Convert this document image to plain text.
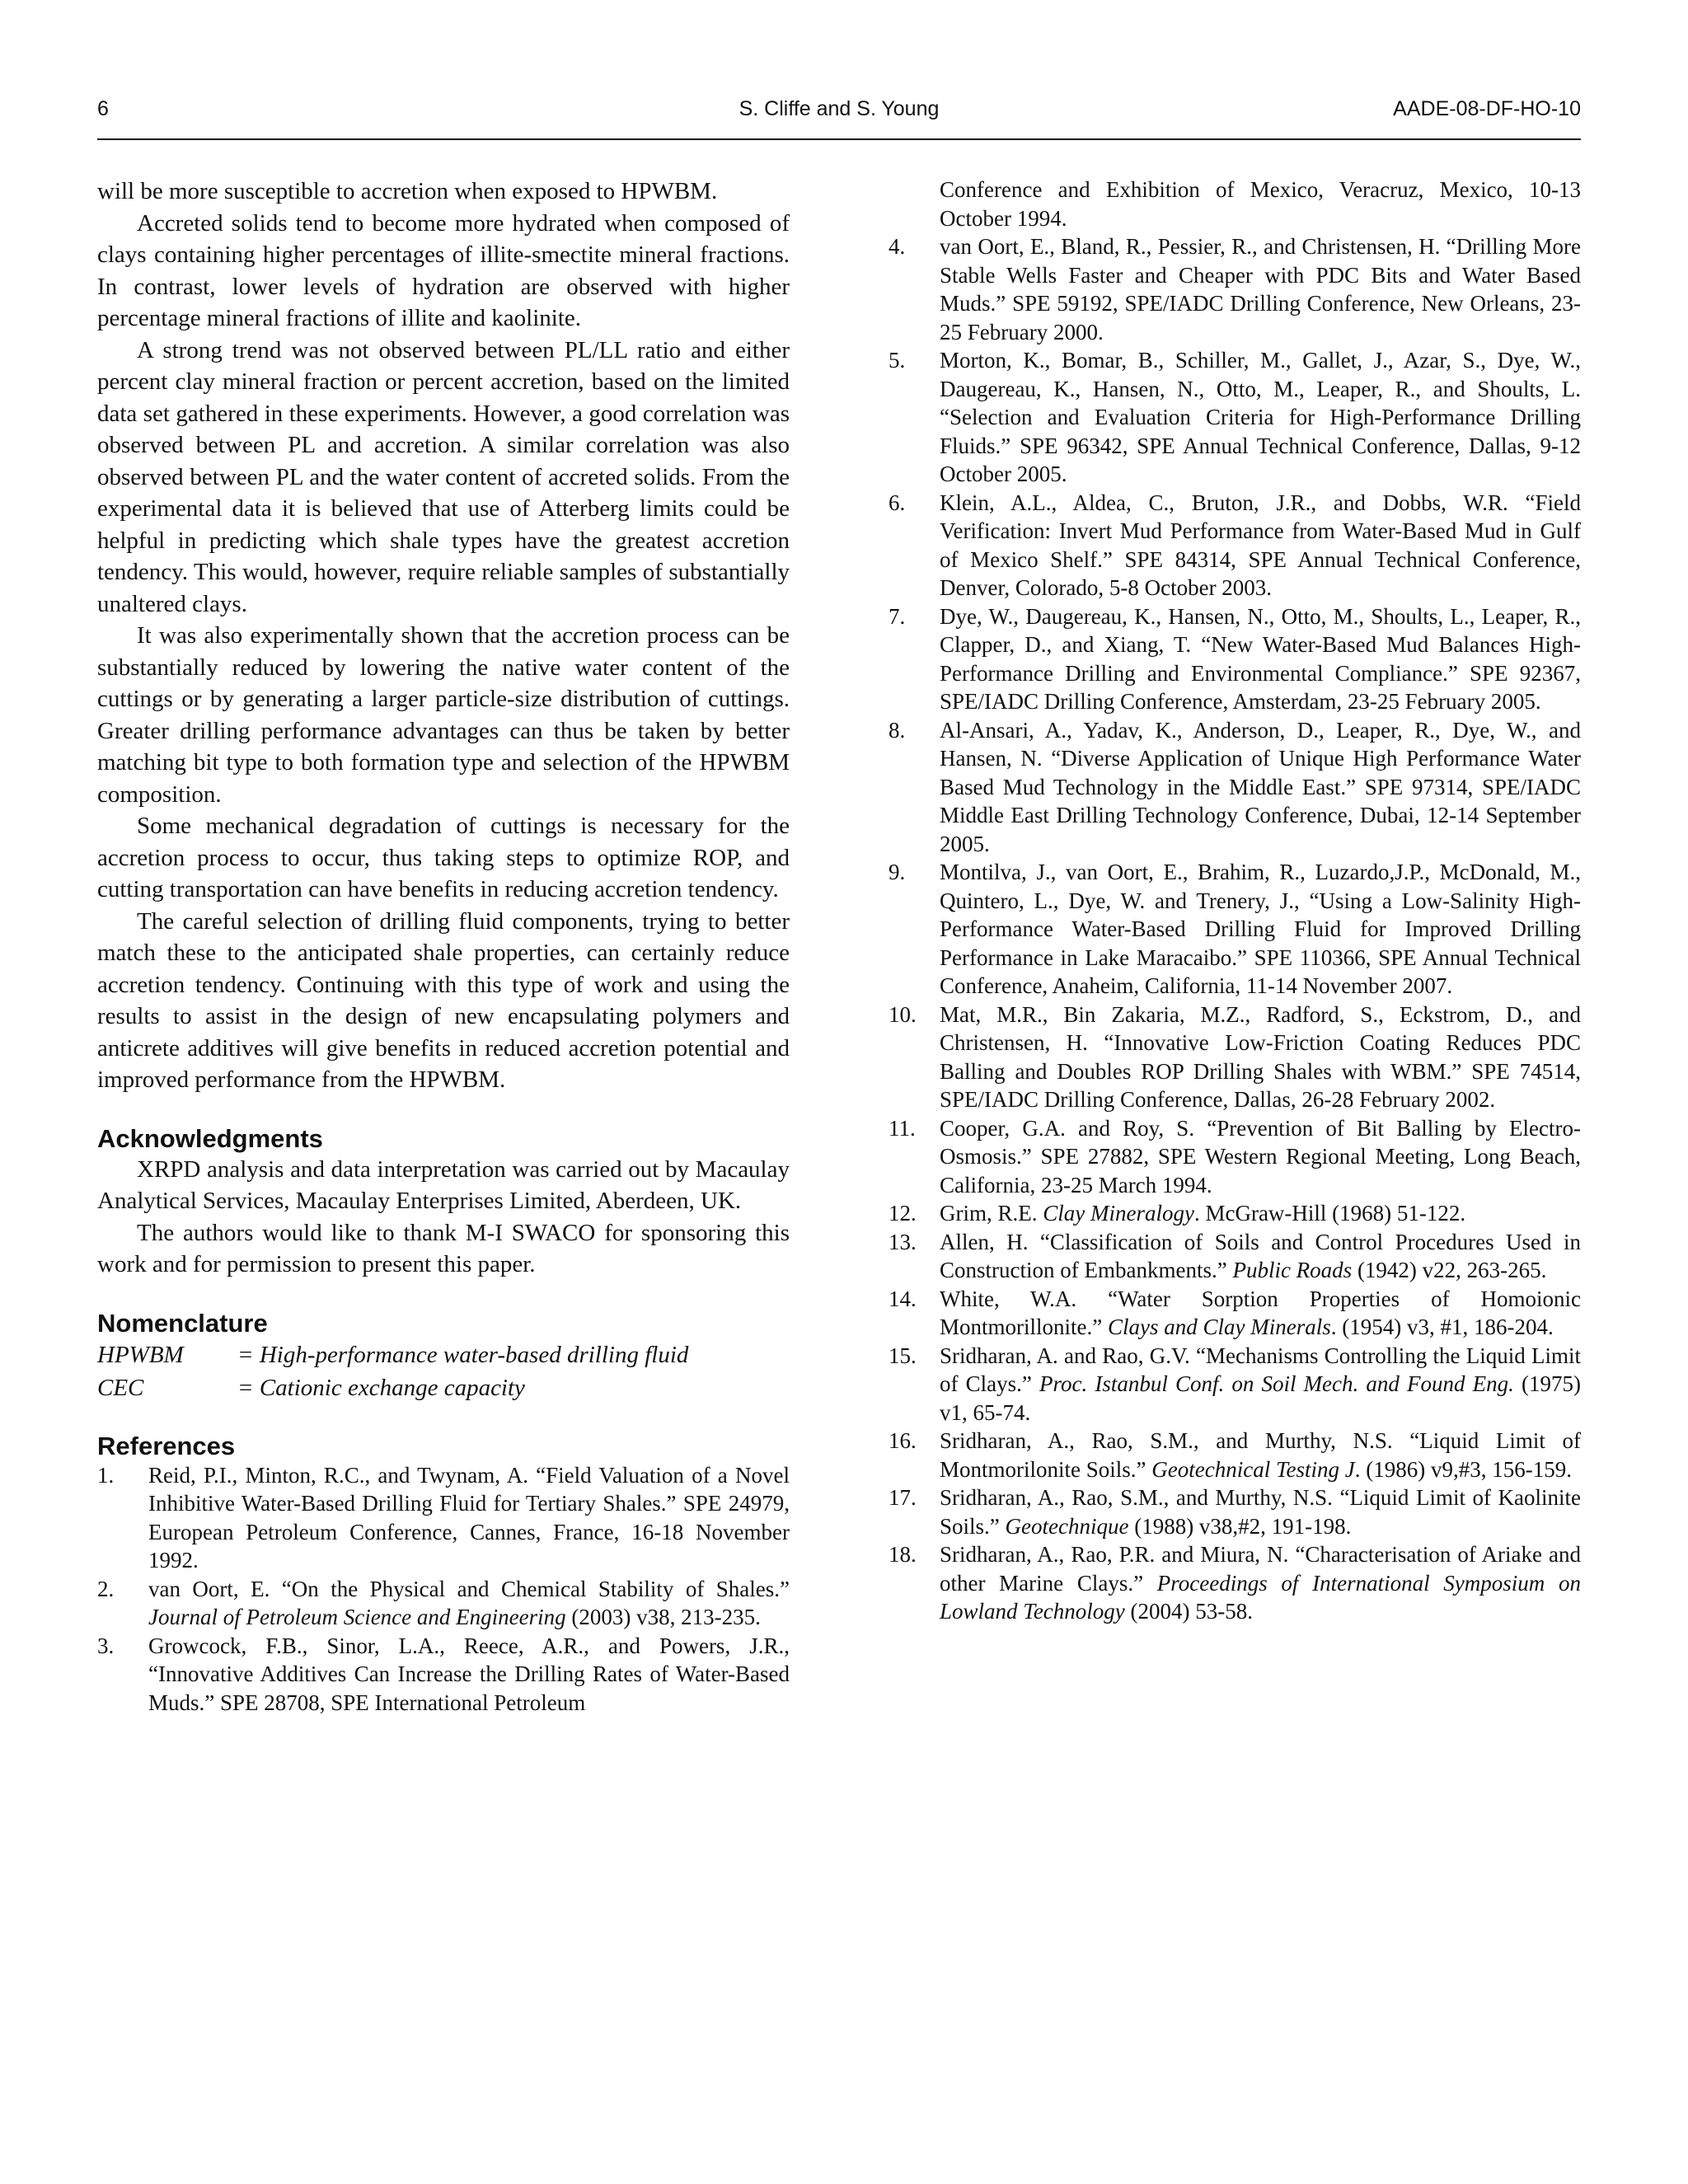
6	S. Cliffe and S. Young	AADE-08-DF-HO-10

will be more susceptible to accretion when exposed to HPWBM.

Accreted solids tend to become more hydrated when composed of clays containing higher percentages of illite-smectite mineral fractions. In contrast, lower levels of hydration are observed with higher percentage mineral fractions of illite and kaolinite.

A strong trend was not observed between PL/LL ratio and either percent clay mineral fraction or percent accretion, based on the limited data set gathered in these experiments. However, a good correlation was observed between PL and accretion. A similar correlation was also observed between PL and the water content of accreted solids. From the experimental data it is believed that use of Atterberg limits could be helpful in predicting which shale types have the greatest accretion tendency. This would, however, require reliable samples of substantially unaltered clays.

It was also experimentally shown that the accretion process can be substantially reduced by lowering the native water content of the cuttings or by generating a larger particle-size distribution of cuttings. Greater drilling performance advantages can thus be taken by better matching bit type to both formation type and selection of the HPWBM composition.

Some mechanical degradation of cuttings is necessary for the accretion process to occur, thus taking steps to optimize ROP, and cutting transportation can have benefits in reducing accretion tendency.

The careful selection of drilling fluid components, trying to better match these to the anticipated shale properties, can certainly reduce accretion tendency. Continuing with this type of work and using the results to assist in the design of new encapsulating polymers and anticrete additives will give benefits in reduced accretion potential and improved performance from the HPWBM.

Acknowledgments

XRPD analysis and data interpretation was carried out by Macaulay Analytical Services, Macaulay Enterprises Limited, Aberdeen, UK.

The authors would like to thank M-I SWACO for sponsoring this work and for permission to present this paper.

Nomenclature
HPWBM = High-performance water-based drilling fluid
CEC	= Cationic exchange capacity
References
1. Reid, P.I., Minton, R.C., and Twynam, A. “Field Valuation of a Novel Inhibitive Water-Based Drilling Fluid for Tertiary Shales.” SPE 24979, European Petroleum Conference, Cannes, France, 16-18 November 1992.
2. van Oort, E. “On the Physical and Chemical Stability of Shales.” Journal of Petroleum Science and Engineering (2003) v38, 213-235.
3. Growcock, F.B., Sinor, L.A., Reece, A.R., and Powers, J.R., “Innovative Additives Can Increase the Drilling Rates of Water-Based Muds.” SPE 28708, SPE International Petroleum
Conference and Exhibition of Mexico, Veracruz, Mexico, 10-13 October 1994.
4. van Oort, E., Bland, R., Pessier, R., and Christensen, H. “Drilling More Stable Wells Faster and Cheaper with PDC Bits and Water Based Muds.” SPE 59192, SPE/IADC Drilling Conference, New Orleans, 23-25 February 2000.
5. Morton, K., Bomar, B., Schiller, M., Gallet, J., Azar, S., Dye, W., Daugereau, K., Hansen, N., Otto, M., Leaper, R., and Shoults, L. “Selection and Evaluation Criteria for High-Performance Drilling Fluids.” SPE 96342, SPE Annual Technical Conference, Dallas, 9-12 October 2005.
6. Klein, A.L., Aldea, C., Bruton, J.R., and Dobbs, W.R. “Field Verification: Invert Mud Performance from Water-Based Mud in Gulf of Mexico Shelf.” SPE 84314, SPE Annual Technical Conference, Denver, Colorado, 5-8 October 2003.
7. Dye, W., Daugereau, K., Hansen, N., Otto, M., Shoults, L., Leaper, R., Clapper, D., and Xiang, T. “New Water-Based Mud Balances High-Performance Drilling and Environmental Compliance.” SPE 92367, SPE/IADC Drilling Conference, Amsterdam, 23-25 February 2005.
8. Al-Ansari, A., Yadav, K., Anderson, D., Leaper, R., Dye, W., and Hansen, N. “Diverse Application of Unique High Performance Water Based Mud Technology in the Middle East.” SPE 97314, SPE/IADC Middle East Drilling Technology Conference, Dubai, 12-14 September 2005.
9. Montilva, J., van Oort, E., Brahim, R., Luzardo,J.P., McDonald, M., Quintero, L., Dye, W. and Trenery, J., “Using a Low-Salinity High-Performance Water-Based Drilling Fluid for Improved Drilling Performance in Lake Maracaibo.” SPE 110366, SPE Annual Technical Conference, Anaheim, California, 11-14 November 2007.
10. Mat, M.R., Bin Zakaria, M.Z., Radford, S., Eckstrom, D., and Christensen, H. “Innovative Low-Friction Coating Reduces PDC Balling and Doubles ROP Drilling Shales with WBM.” SPE 74514, SPE/IADC Drilling Conference, Dallas, 26-28 February 2002.
11. Cooper, G.A. and Roy, S. “Prevention of Bit Balling by Electro-Osmosis.” SPE 27882, SPE Western Regional Meeting, Long Beach, California, 23-25 March 1994.
12. Grim, R.E. Clay Mineralogy. McGraw-Hill (1968) 51-122.
13. Allen, H. “Classification of Soils and Control Procedures Used in Construction of Embankments.” Public Roads (1942) v22, 263-265.
14. White, W.A. “Water Sorption Properties of Homoionic Montmorillonite.” Clays and Clay Minerals. (1954) v3, #1, 186-204.
15. Sridharan, A. and Rao, G.V. “Mechanisms Controlling the Liquid Limit of Clays.” Proc. Istanbul Conf. on Soil Mech. and Found Eng. (1975) v1, 65-74.
16. Sridharan, A., Rao, S.M., and Murthy, N.S. “Liquid Limit of Montmorilonite Soils.” Geotechnical Testing J. (1986) v9,#3, 156-159.
17. Sridharan, A., Rao, S.M., and Murthy, N.S. “Liquid Limit of Kaolinite Soils.” Geotechnique (1988) v38,#2, 191-198.
18. Sridharan, A., Rao, P.R. and Miura, N. “Characterisation of Ariake and other Marine Clays.” Proceedings of International Symposium on Lowland Technology (2004) 53-58.
